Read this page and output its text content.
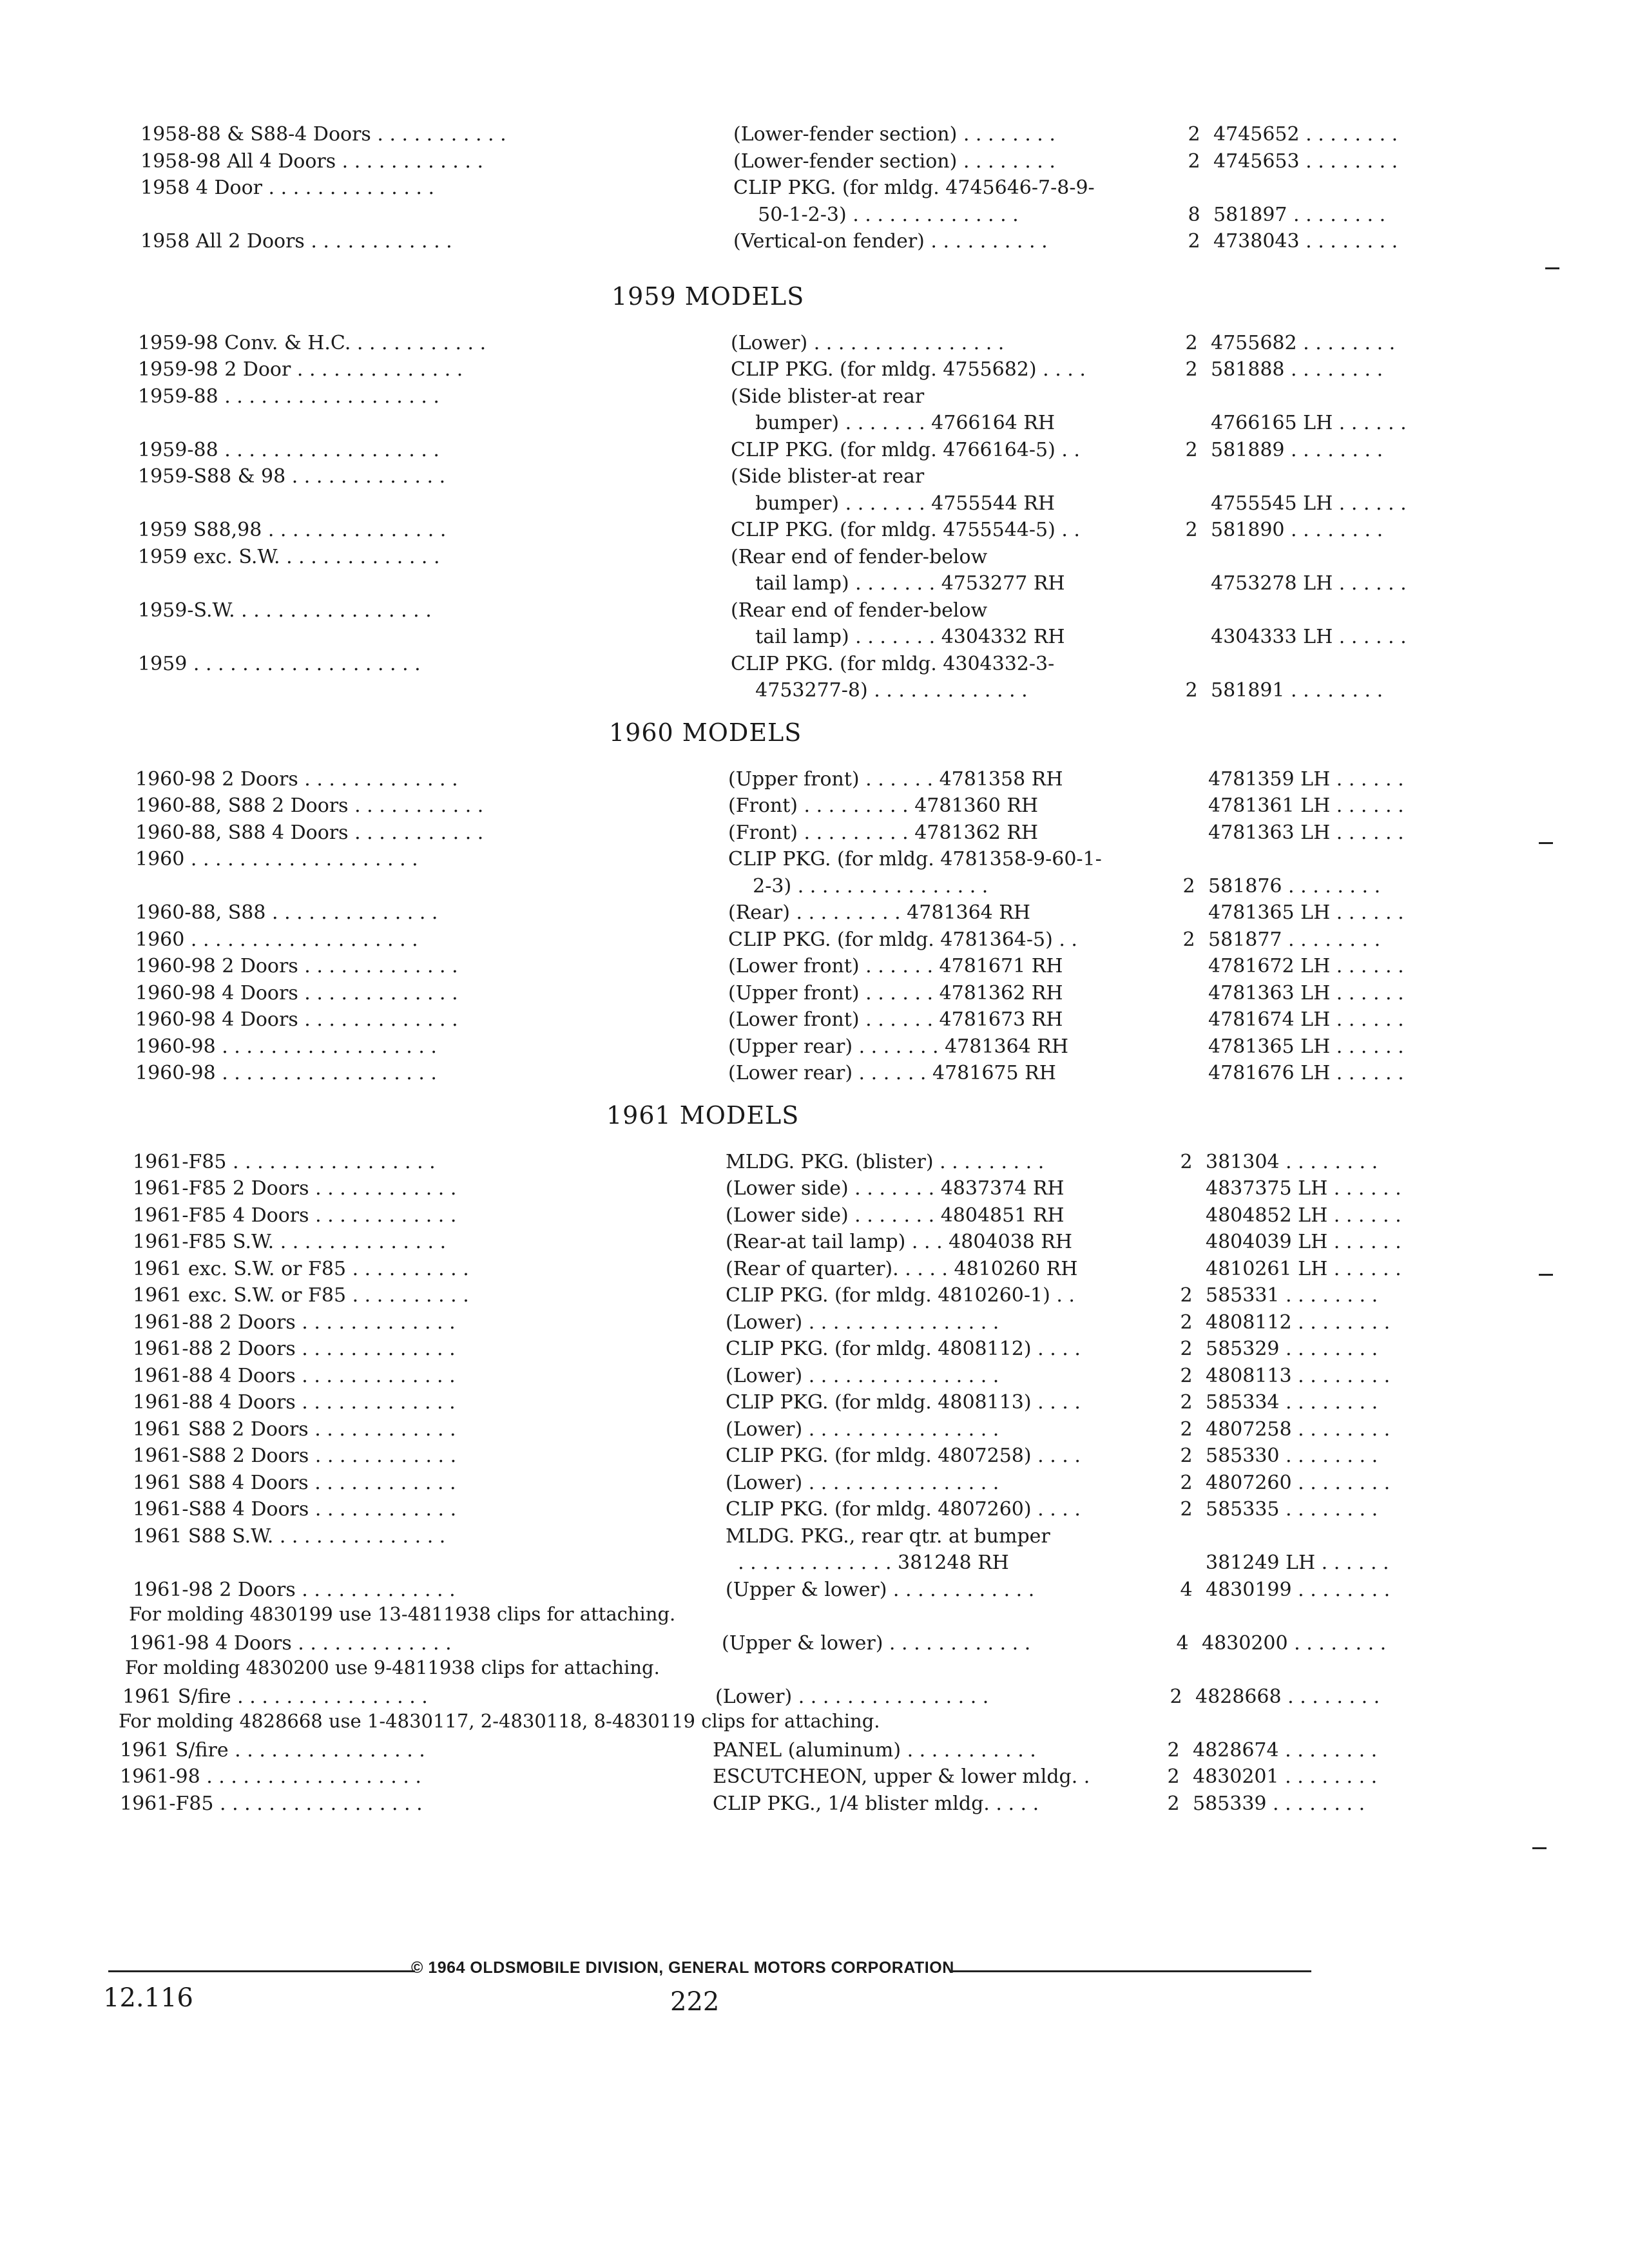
1958-88 & S88-4 Doors . . . . . . . . . . .	(Lower-fender section) . . . . . . . .	2 4745652 . . . . . . . .
1958-98 All 4 Doors . . . . . . . . . . . .	(Lower-fender section) . . . . . . . .	2 4745653 . . . . . . . .
1958 4 Door . . . . . . . . . . . . . .	CLIP PKG. (for mldg. 4745646-7-8-9-
50-1-2-3) . . . . . . . . . . . . . .	8 581897 . . . . . . . .
1958 All 2 Doors . . . . . . . . . . . .	(Vertical-on fender) . . . . . . . . . .	2 4738043 . . . . . . . .
1959 MODELS
1959-98 Conv. & H.C. . . . . . . . . . . .	(Lower) . . . . . . . . . . . . . . . .	2 4755682 . . . . . . . .
1959-98 2 Door . . . . . . . . . . . . . .	CLIP PKG. (for mldg. 4755682) . . . .	2 581888 . . . . . . . .
1959-88 . . . . . . . . . . . . . . . . . .	(Side blister-at rear
bumper) . . . . . . . 4766164 RH	4766165 LH . . . . . .
1959-88 . . . . . . . . . . . . . . . . . .	CLIP PKG. (for mldg. 4766164-5) . .	2 581889 . . . . . . . .
1959-S88 & 98 . . . . . . . . . . . . .	(Side blister-at rear
bumper) . . . . . . . 4755544 RH	4755545 LH . . . . . .
1959 S88,98 . . . . . . . . . . . . . . .	CLIP PKG. (for mldg. 4755544-5) . .	2 581890 . . . . . . . .
1959 exc. S.W. . . . . . . . . . . . . .	(Rear end of fender-below
tail lamp) . . . . . . . 4753277 RH	4753278 LH . . . . . .
1959-S.W. . . . . . . . . . . . . . . . .	(Rear end of fender-below
tail lamp) . . . . . . . 4304332 RH	4304333 LH . . . . . .
1959 . . . . . . . . . . . . . . . . . . .	CLIP PKG. (for mldg. 4304332-3-
4753277-8) . . . . . . . . . . . . .	2 581891 . . . . . . . .
1960 MODELS
1960-98 2 Doors . . . . . . . . . . . . .	(Upper front) . . . . . . 4781358 RH	4781359 LH . . . . . .
1960-88, S88 2 Doors . . . . . . . . . . .	(Front) . . . . . . . . . 4781360 RH	4781361 LH . . . . . .
1960-88, S88 4 Doors . . . . . . . . . . .	(Front) . . . . . . . . . 4781362 RH	4781363 LH . . . . . .
1960 . . . . . . . . . . . . . . . . . . .	CLIP PKG. (for mldg. 4781358-9-60-1-
2-3) . . . . . . . . . . . . . . . .	2 581876 . . . . . . . .
1960-88, S88 . . . . . . . . . . . . . .	(Rear) . . . . . . . . . 4781364 RH	4781365 LH . . . . . .
1960 . . . . . . . . . . . . . . . . . . .	CLIP PKG. (for mldg. 4781364-5) . .	2 581877 . . . . . . . .
1960-98 2 Doors . . . . . . . . . . . . .	(Lower front) . . . . . . 4781671 RH	4781672 LH . . . . . .
1960-98 4 Doors . . . . . . . . . . . . .	(Upper front) . . . . . . 4781362 RH	4781363 LH . . . . . .
1960-98 4 Doors . . . . . . . . . . . . .	(Lower front) . . . . . . 4781673 RH	4781674 LH . . . . . .
1960-98 . . . . . . . . . . . . . . . . . .	(Upper rear) . . . . . . . 4781364 RH	4781365 LH . . . . . .
1960-98 . . . . . . . . . . . . . . . . . .	(Lower rear) . . . . . . 4781675 RH	4781676 LH . . . . . .
1961 MODELS
1961-F85 . . . . . . . . . . . . . . . . .	MLDG. PKG. (blister) . . . . . . . . .	2 381304 . . . . . . . .
1961-F85 2 Doors . . . . . . . . . . . .	(Lower side) . . . . . . . 4837374 RH	4837375 LH . . . . . .
1961-F85 4 Doors . . . . . . . . . . . .	(Lower side) . . . . . . . 4804851 RH	4804852 LH . . . . . .
1961-F85 S.W. . . . . . . . . . . . . . .	(Rear-at tail lamp) . . . 4804038 RH	4804039 LH . . . . . .
1961 exc. S.W. or F85 . . . . . . . . . .	(Rear of quarter). . . . . 4810260 RH	4810261 LH . . . . . .
1961 exc. S.W. or F85 . . . . . . . . . .	CLIP PKG. (for mldg. 4810260-1) . .	2 585331 . . . . . . . .
1961-88 2 Doors . . . . . . . . . . . . .	(Lower) . . . . . . . . . . . . . . . .	2 4808112 . . . . . . . .
1961-88 2 Doors . . . . . . . . . . . . .	CLIP PKG. (for mldg. 4808112) . . . .	2 585329 . . . . . . . .
1961-88 4 Doors . . . . . . . . . . . . .	(Lower) . . . . . . . . . . . . . . . .	2 4808113 . . . . . . . .
1961-88 4 Doors . . . . . . . . . . . . .	CLIP PKG. (for mldg. 4808113) . . . .	2 585334 . . . . . . . .
1961 S88 2 Doors . . . . . . . . . . . .	(Lower) . . . . . . . . . . . . . . . .	2 4807258 . . . . . . . .
1961-S88 2 Doors . . . . . . . . . . . .	CLIP PKG. (for mldg. 4807258) . . . .	2 585330 . . . . . . . .
1961 S88 4 Doors . . . . . . . . . . . .	(Lower) . . . . . . . . . . . . . . . .	2 4807260 . . . . . . . .
1961-S88 4 Doors . . . . . . . . . . . .	CLIP PKG. (for mldg. 4807260) . . . .	2 585335 . . . . . . . .
1961 S88 S.W. . . . . . . . . . . . . . .	MLDG. PKG., rear qtr. at bumper
. . . . . . . . . . . . . 381248 RH	381249 LH . . . . . .
1961-98 2 Doors . . . . . . . . . . . . .	(Upper & lower) . . . . . . . . . . . .	4 4830199 . . . . . . . .
For molding 4830199 use 13-4811938 clips for attaching.
1961-98 4 Doors . . . . . . . . . . . . .	(Upper & lower) . . . . . . . . . . . .	4 4830200 . . . . . . . .
For molding 4830200 use 9-4811938 clips for attaching.
1961 S/fire . . . . . . . . . . . . . . . .	(Lower) . . . . . . . . . . . . . . . .	2 4828668 . . . . . . . .
For molding 4828668 use 1-4830117, 2-4830118, 8-4830119 clips for attaching.
1961 S/fire . . . . . . . . . . . . . . . .	PANEL (aluminum) . . . . . . . . . . .	2 4828674 . . . . . . . .
1961-98 . . . . . . . . . . . . . . . . . .	ESCUTCHEON, upper & lower mldg. .	2 4830201 . . . . . . . .
1961-F85 . . . . . . . . . . . . . . . . .	CLIP PKG., 1/4 blister mldg. . . . .	2 585339 . . . . . . . .
© 1964 OLDSMOBILE DIVISION, GENERAL MOTORS CORPORATION
12.116	222
